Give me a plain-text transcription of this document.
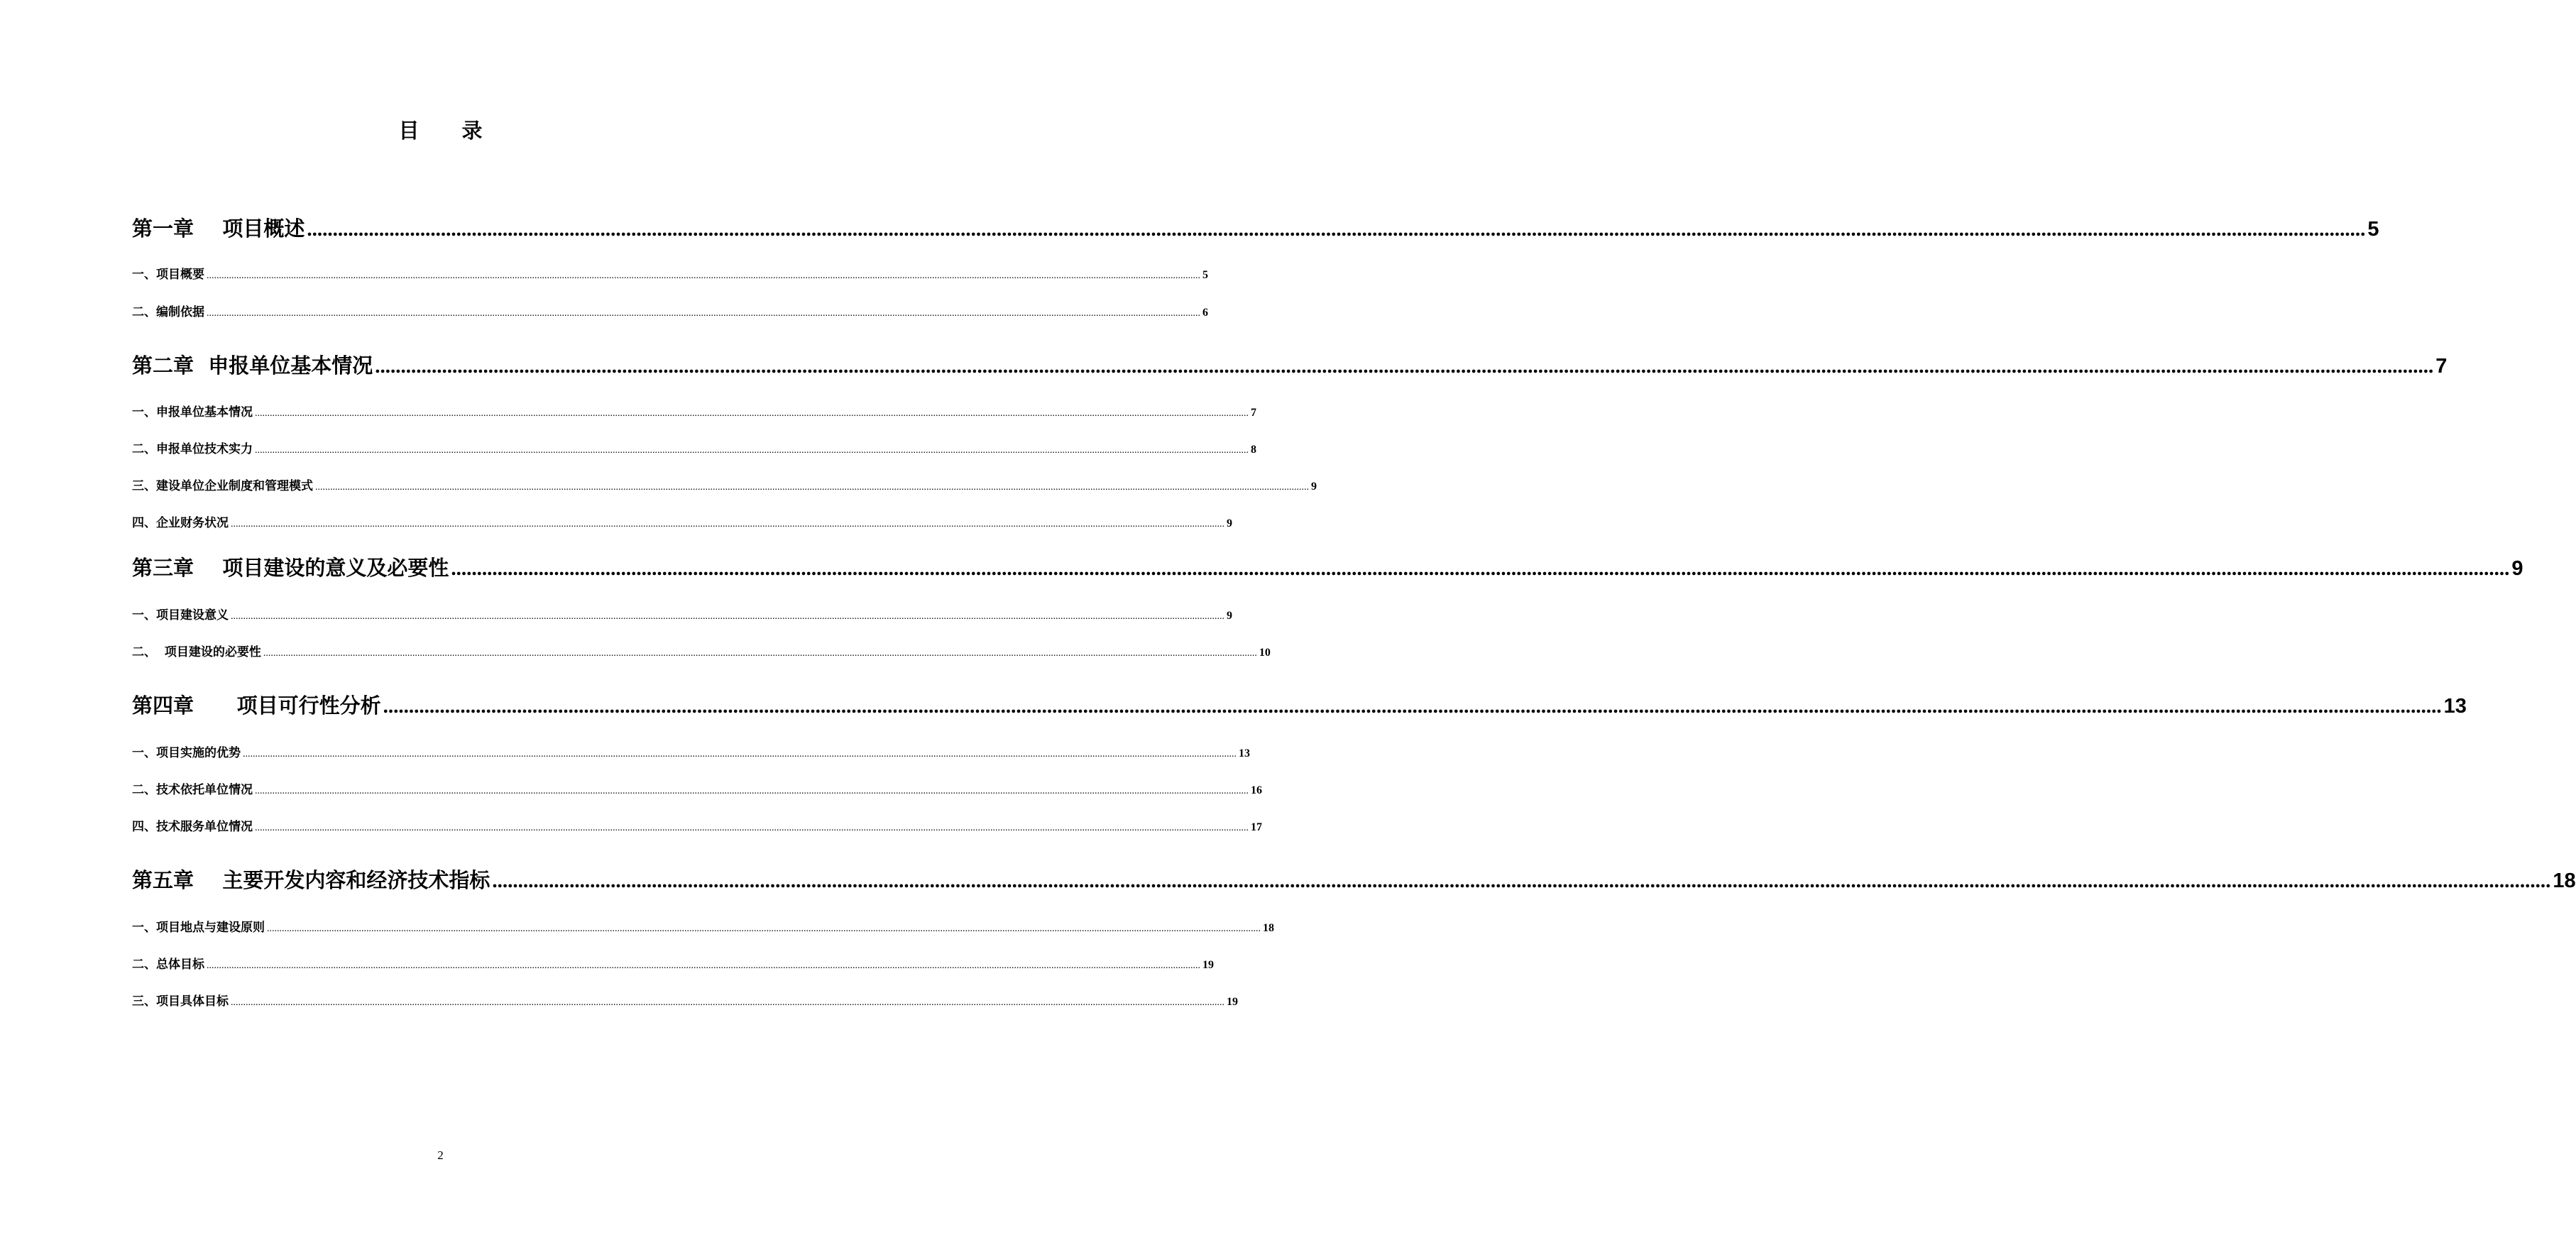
目 录
第一章    项目概述 ................................................................................................................................................................................................................................................................................................................................................................................................................ 5
一、项目概要 ................................................................................................................................................................................................................................................................................................................................................................................................................ 5
二、编制依据 ................................................................................................................................................................................................................................................................................................................................................................................................................ 6
第二章  申报单位基本情况 ................................................................................................................................................................................................................................................................................................................................................................................................................ 7
一、申报单位基本情况 ................................................................................................................................................................................................................................................................................................................................................................................................................ 7
二、申报单位技术实力 ................................................................................................................................................................................................................................................................................................................................................................................................................ 8
三、建设单位企业制度和管理模式 ................................................................................................................................................................................................................................................................................................................................................................................................................ 9
四、企业财务状况 ................................................................................................................................................................................................................................................................................................................................................................................................................ 9
第三章    项目建设的意义及必要性 ................................................................................................................................................................................................................................................................................................................................................................................................................ 9
一、项目建设意义 ................................................................................................................................................................................................................................................................................................................................................................................................................ 9
二、  项目建设的必要性 ................................................................................................................................................................................................................................................................................................................................................................................................................ 10
第四章      项目可行性分析 ................................................................................................................................................................................................................................................................................................................................................................................................................ 13
一、项目实施的优势 ................................................................................................................................................................................................................................................................................................................................................................................................................ 13
二、技术依托单位情况 ................................................................................................................................................................................................................................................................................................................................................................................................................ 16
四、技术服务单位情况 ................................................................................................................................................................................................................................................................................................................................................................................................................ 17
第五章    主要开发内容和经济技术指标 ................................................................................................................................................................................................................................................................................................................................................................................................................ 18
一、项目地点与建设原则 ................................................................................................................................................................................................................................................................................................................................................................................................................ 18
二、总体目标 ................................................................................................................................................................................................................................................................................................................................................................................................................ 19
三、项目具体目标 ................................................................................................................................................................................................................................................................................................................................................................................................................ 19
2
